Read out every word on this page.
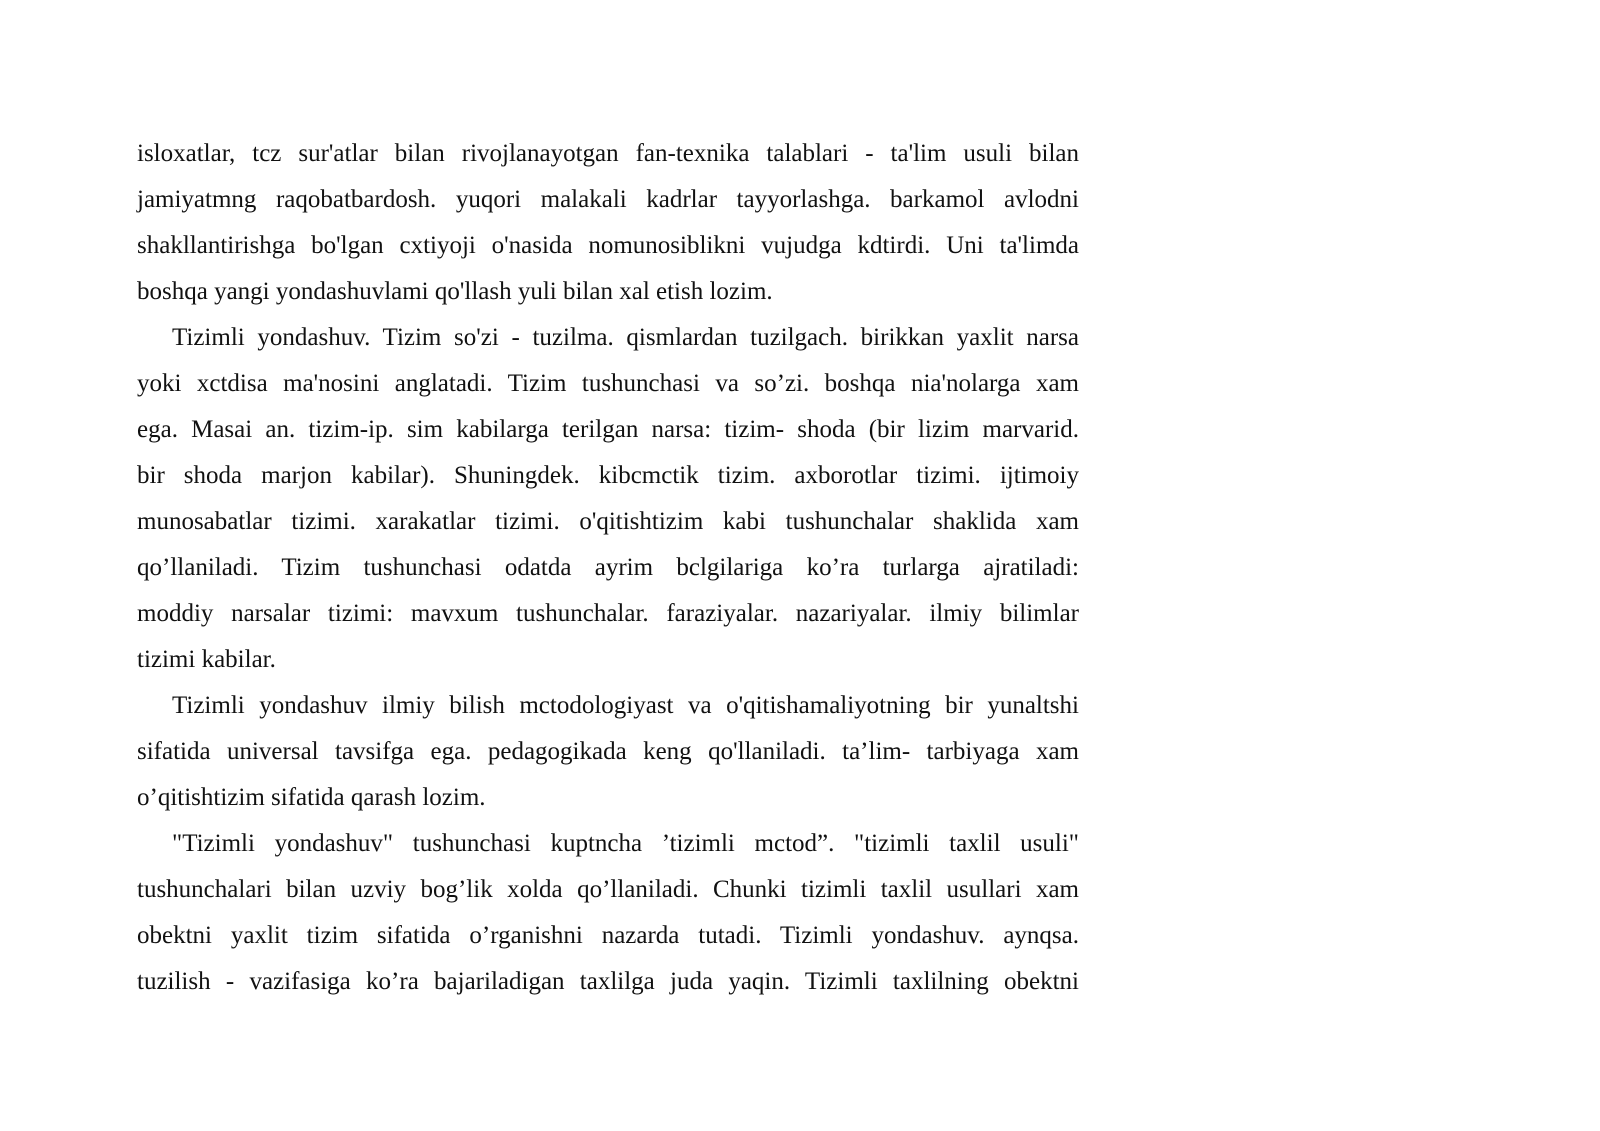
isloxatlar, tcz sur'atlar bilan rivojlanayotgan fan-texnika talablari - ta'lim usuli bilan
jamiyatmng raqobatbardosh. yuqori malakali kadrlar tayyorlashga. barkamol avlodni
shakllantirishga bo'lgan cxtiyoji o'nasida nomunosiblikni vujudga kdtirdi. Uni ta'limda
boshqa yangi yondashuvlami qo'llash yuli bilan xal etish lozim.
Tizimli yondashuv. Tizim so'zi - tuzilma. qismlardan tuzilgach. birikkan yaxlit narsa
yoki xctdisa ma'nosini anglatadi. Tizim tushunchasi va so’zi. boshqa nia'nolarga xam
ega. Masai an. tizim-ip. sim kabilarga terilgan narsa: tizim- shoda (bir lizim marvarid.
bir shoda marjon kabilar). Shuningdek. kibcmctik tizim. axborotlar tizimi. ijtimoiy
munosabatlar tizimi. xarakatlar tizimi. o'qitishtizim kabi tushunchalar shaklida xam
qo’llaniladi. Tizim tushunchasi odatda ayrim bclgilariga ko’ra turlarga ajratiladi:
moddiy narsalar tizimi: mavxum tushunchalar. faraziyalar. nazariyalar. ilmiy bilimlar
tizimi kabilar.
Tizimli yondashuv ilmiy bilish mctodologiyast va o'qitishamaliyotning bir yunaltshi
sifatida universal tavsifga ega. pedagogikada keng qo'llaniladi. ta’lim- tarbiyaga xam
o’qitishtizim sifatida qarash lozim.
"Tizimli yondashuv" tushunchasi kuptncha ’tizimli mctod”. "tizimli taxlil usuli"
tushunchalari bilan uzviy bog’lik xolda qo’llaniladi. Chunki tizimli taxlil usullari xam
obektni yaxlit tizim sifatida o’rganishni nazarda tutadi. Tizimli yondashuv. aynqsa.
tuzilish - vazifasiga ko’ra bajariladigan taxlilga juda yaqin. Tizimli taxlilning obektni
